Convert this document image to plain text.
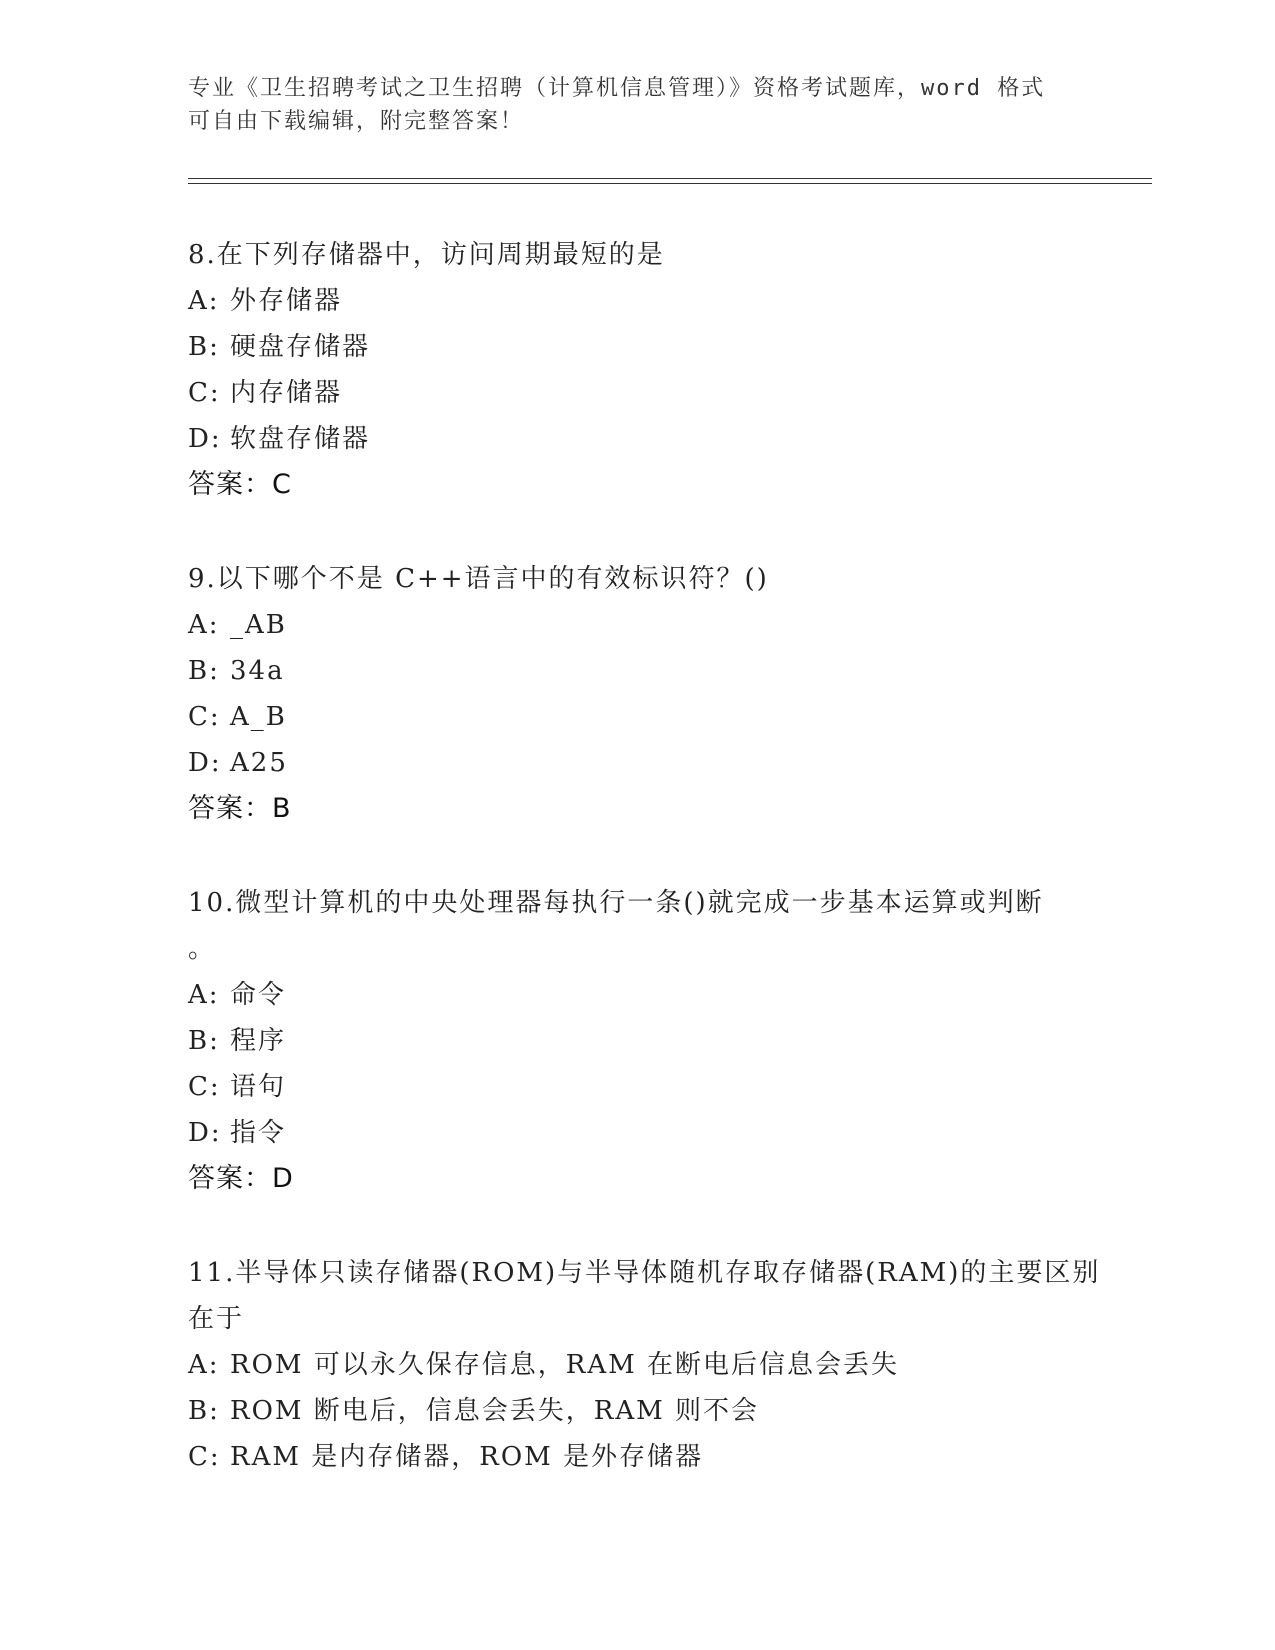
专业《卫生招聘考试之卫生招聘（计算机信息管理）》资格考试题库，word 格式
可自由下载编辑，附完整答案！
8.在下列存储器中，访问周期最短的是
A: 外存储器
B: 硬盘存储器
C: 内存储器
D: 软盘存储器
答案：C
9.以下哪个不是 C++语言中的有效标识符？()
A: _AB
B: 34a
C: A_B
D: A25
答案：B
10.微型计算机的中央处理器每执行一条()就完成一步基本运算或判断
。
A: 命令
B: 程序
C: 语句
D: 指令
答案：D
11.半导体只读存储器(ROM)与半导体随机存取存储器(RAM)的主要区别
在于
A: ROM 可以永久保存信息，RAM 在断电后信息会丢失
B: ROM 断电后，信息会丢失，RAM 则不会
C: RAM 是内存储器，ROM 是外存储器
